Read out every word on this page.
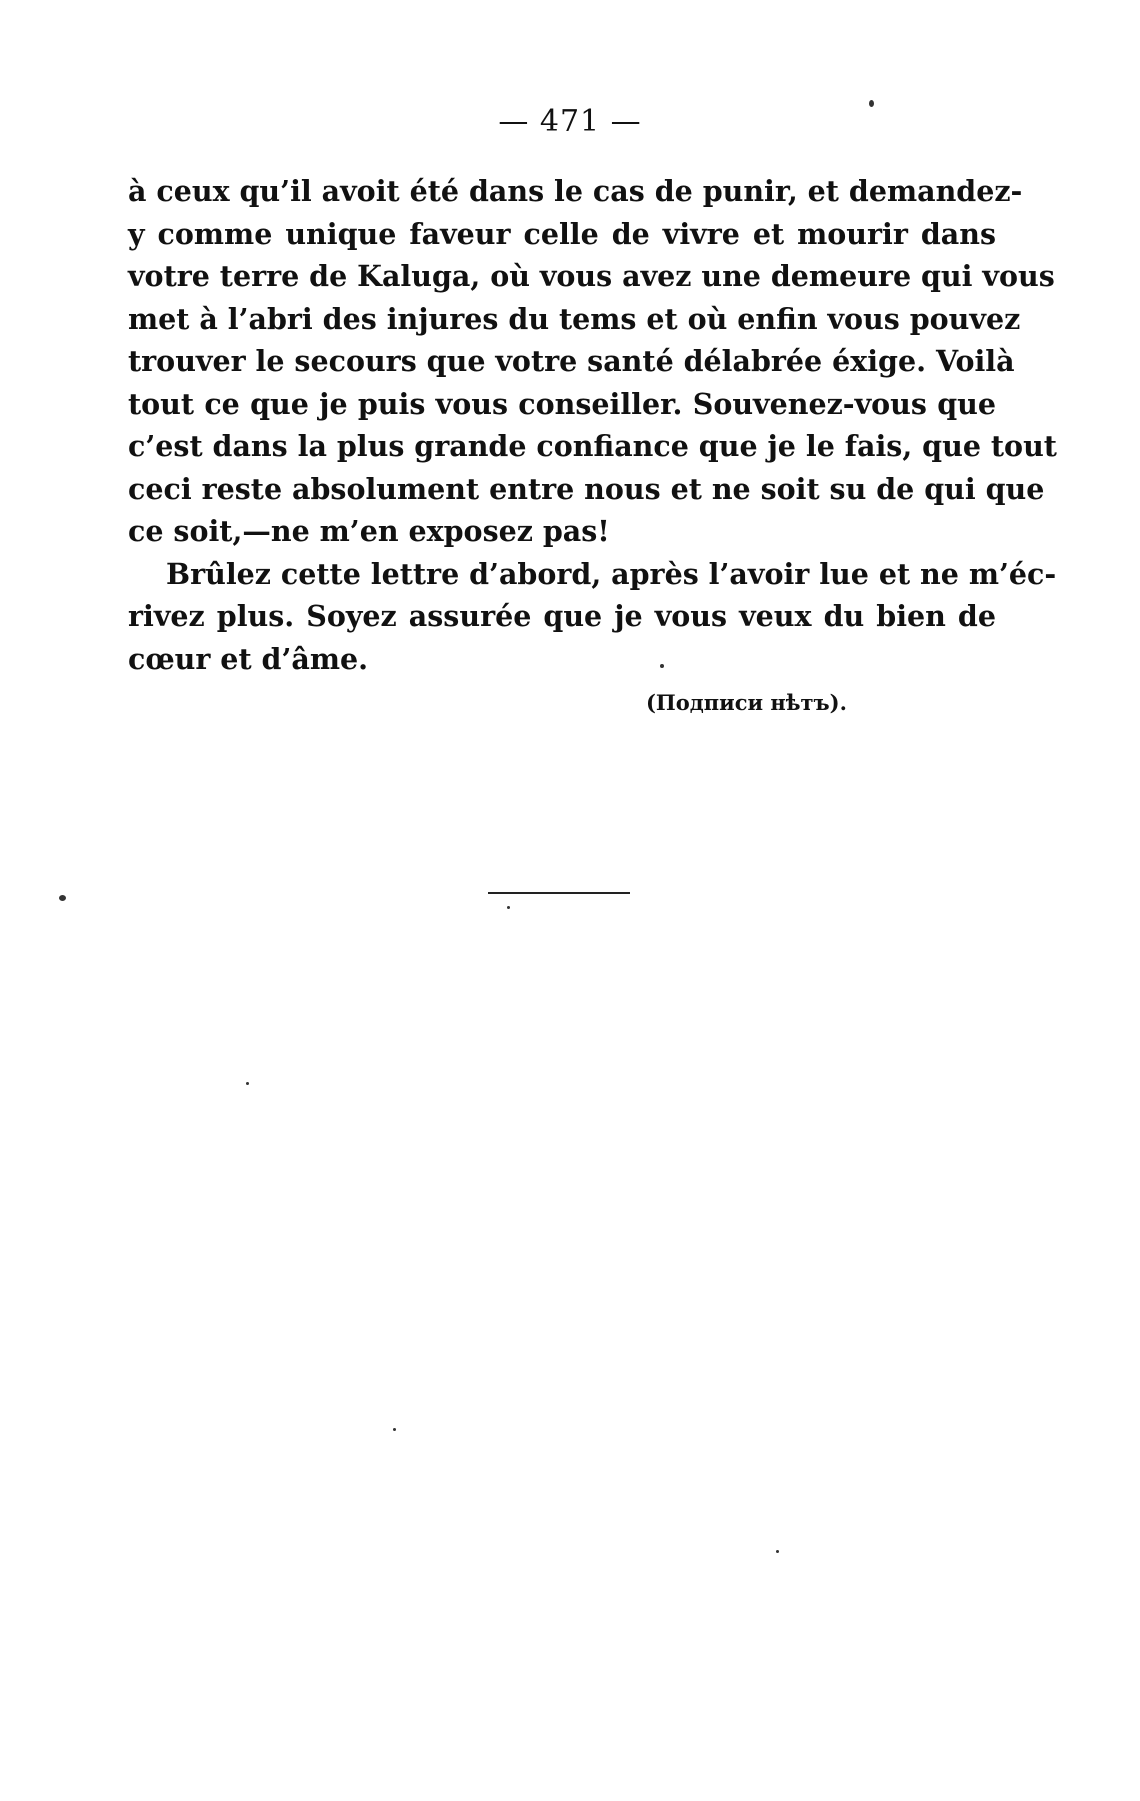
— 471 —
à ceux qu’il avoit été dans le cas de punir, et demandez-
y comme unique faveur celle de vivre et mourir dans
votre terre de Kaluga, où vous avez une demeure qui vous
met à l’abri des injures du tems et où enfin vous pouvez
trouver le secours que votre santé délabrée éxige. Voilà
tout ce que je puis vous conseiller. Souvenez-vous que
c’est dans la plus grande confiance que je le fais, que tout
ceci reste absolument entre nous et ne soit su de qui que
ce soit,—ne m’en exposez pas!
Brûlez cette lettre d’abord, après l’avoir lue et ne m’éc-
rivez plus. Soyez assurée que je vous veux du bien de
cœur et d’âme.
(Подписи нѣтъ).
